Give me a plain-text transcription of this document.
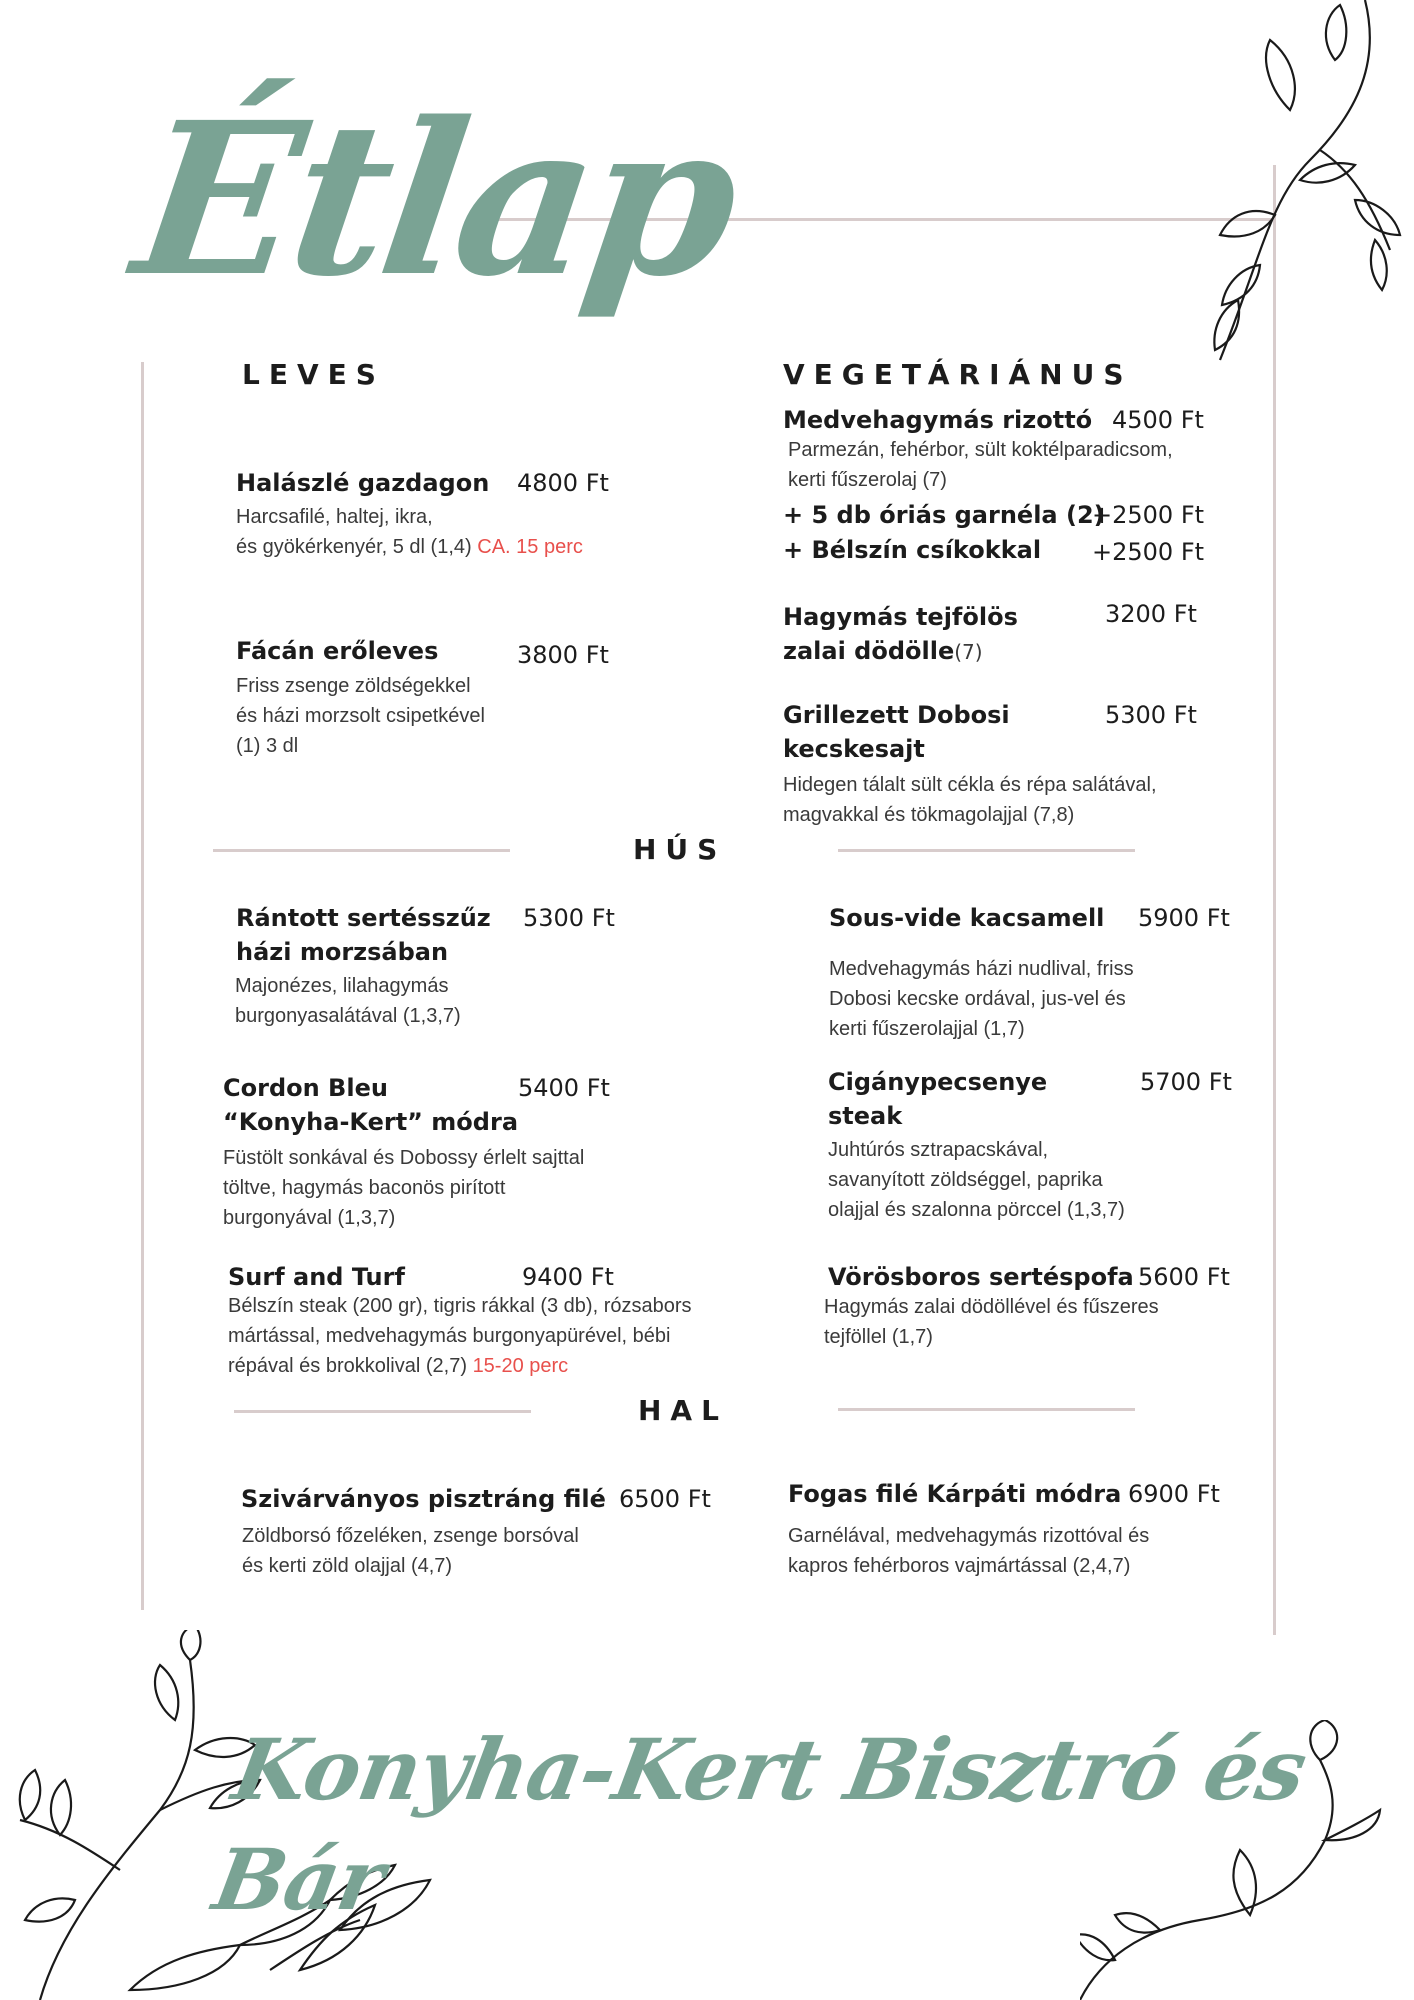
Étlap
LEVES
Halászlé gazdagon 4800 Ft
Harcsafilé, haltej, ikra,
és gyökérkenyér, 5 dl (1,4) CA. 15 perc
Fácán erőleves	3800 Ft
Friss zsenge zöldségekkel
és házi morzsolt csipetkével
(1) 3 dl
VEGETÁRIÁNUS
Medvehagymás rizottó 4500 Ft
Parmezán, fehérbor, sült koktélparadicsom,
kerti fűszerolaj (7)
+ 5 db óriás garnéla (2)
+2500 Ft
+ Bélszín csíkokkal +2500 Ft
Hagymás tejfölös
zalai dödölle(7)
3200 Ft
Grillezett Dobosi
kecskesajt
5300 Ft
Hidegen tálalt sült cékla és répa salátával,
magvakkal és tökmagolajjal (7,8)
HÚS
Rántott sertésszűz
házi morzsában
5300 Ft
Majonézes, lilahagymás
burgonyasalátával (1,3,7)
Cordon Bleu
“Konyha-Kert” módra
5400 Ft
Füstölt sonkával és Dobossy érlelt sajttal
töltve, hagymás baconös pirított
burgonyával (1,3,7)
Surf and Turf	9400 Ft
Bélszín steak (200 gr), tigris rákkal (3 db), rózsabors
mártással, medvehagymás burgonyapürével, bébi
répával és brokkolival (2,7) 15-20 perc
Sous-vide kacsamell 5900 Ft
Medvehagymás házi nudlival, friss
Dobosi kecske ordával, jus-vel és
kerti fűszerolajjal (1,7)
Cigánypecsenye
steak
5700 Ft
Juhtúrós sztrapacskával,
savanyított zöldséggel, paprika
olajjal és szalonna pörccel (1,3,7)
Vörösboros sertéspofa 5600 Ft
Hagymás zalai dödöllével és fűszeres
tejföllel (1,7)
HAL
Szivárványos pisztráng filé 6500 Ft
Zöldborsó főzeléken, zsenge borsóval
és kerti zöld olajjal (4,7)
Fogas filé Kárpáti módra 6900 Ft
Garnélával, medvehagymás rizottóval és
kapros fehérboros vajmártással (2,4,7)
Konyha-Kert Bisztró és Bár
